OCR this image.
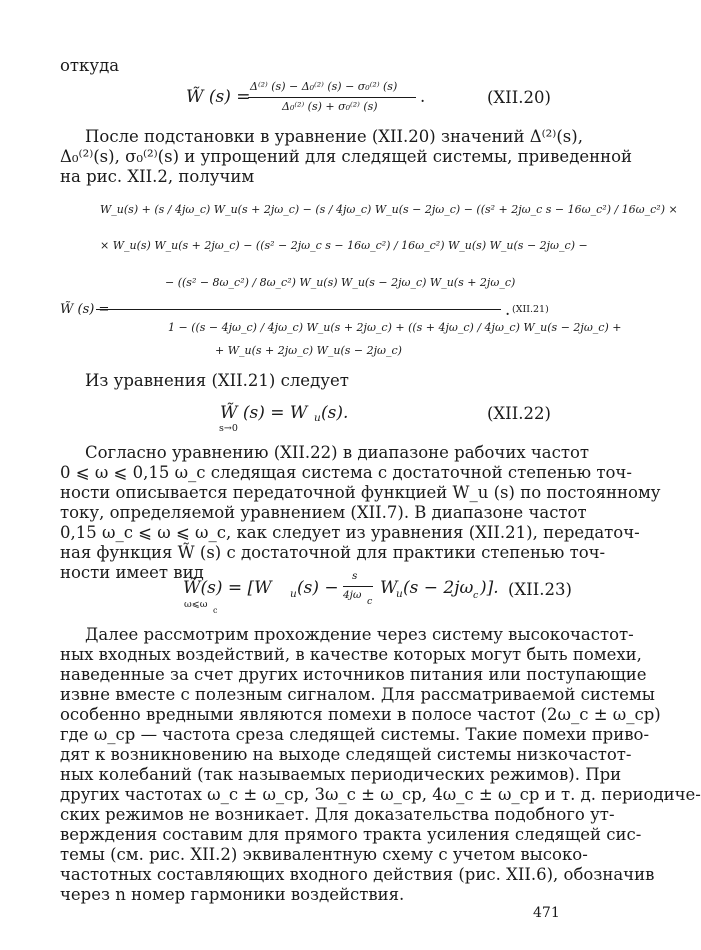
откуда
W̃ (s) =
Δ⁽²⁾ (s) − Δ₀⁽²⁾ (s) − σ₀⁽²⁾ (s)
Δ₀⁽²⁾ (s) + σ₀⁽²⁾ (s)
.	(XII.20)
После подстановки в уравнение (XII.20) значений Δ⁽²⁾(s),
Δ₀⁽²⁾(s), σ₀⁽²⁾(s) и упрощений для следящей системы, приведенной
на рис. XII.2, получим
W̃ (s) =
W_u(s) + (s / 4jω_c) W_u(s + 2jω_c) − (s / 4jω_c) W_u(s − 2jω_c) − ((s² + 2jω_c s − 16ω_c²) / 16ω_c²) ×
× W_u(s) W_u(s + 2jω_c) − ((s² − 2jω_c s − 16ω_c²) / 16ω_c²) W_u(s) W_u(s − 2jω_c) −
− ((s² − 8ω_c²) / 8ω_c²) W_u(s) W_u(s − 2jω_c) W_u(s + 2jω_c)
. (XII.21)
1 − ((s − 4jω_c) / 4jω_c) W_u(s + 2jω_c) + ((s + 4jω_c) / 4jω_c) W_u(s − 2jω_c) +
+ W_u(s + 2jω_c) W_u(s − 2jω_c)
Из уравнения (XII.21) следует
W̃ (s) = W u (s).
s→0
(XII.22)
Согласно уравнению (XII.22) в диапазоне рабочих частот
0 ⩽ ω ⩽ 0,15 ω_c следящая система с достаточной степенью точ-
ности описывается передаточной функцией W_u (s) по постоянному
току, определяемой уравнением (XII.7). В диапазоне частот
0,15 ω_c ⩽ ω ⩽ ω_c, как следует из уравнения (XII.21), передаточ-
ная функция W̃ (s) с достаточной для практики степенью точ-
ности имеет вид
W̃(s) = [W u (s) −
s
4jω
c
W
u (s − 2jω c )].
ω⩽ω
c
(XII.23)
Далее рассмотрим прохождение через систему высокочастот-
ных входных воздействий, в качестве которых могут быть помехи,
наведенные за счет других источников питания или поступающие
извне вместе с полезным сигналом. Для рассматриваемой системы
особенно вредными являются помехи в полосе частот (2ω_c ± ω_cp)
где ω_cp — частота среза следящей системы. Такие помехи приво-
дят к возникновению на выходе следящей системы низкочастот-
ных колебаний (так называемых периодических режимов). При
других частотах ω_c ± ω_cp, 3ω_c ± ω_cp, 4ω_c ± ω_cp и т. д. периодиче-
ских режимов не возникает. Для доказательства подобного ут-
верждения составим для прямого тракта усиления следящей сис-
темы (см. рис. XII.2) эквивалентную схему с учетом высоко-
частотных составляющих входного действия (рис. XII.6), обозначив
через n номер гармоники воздействия.
471
